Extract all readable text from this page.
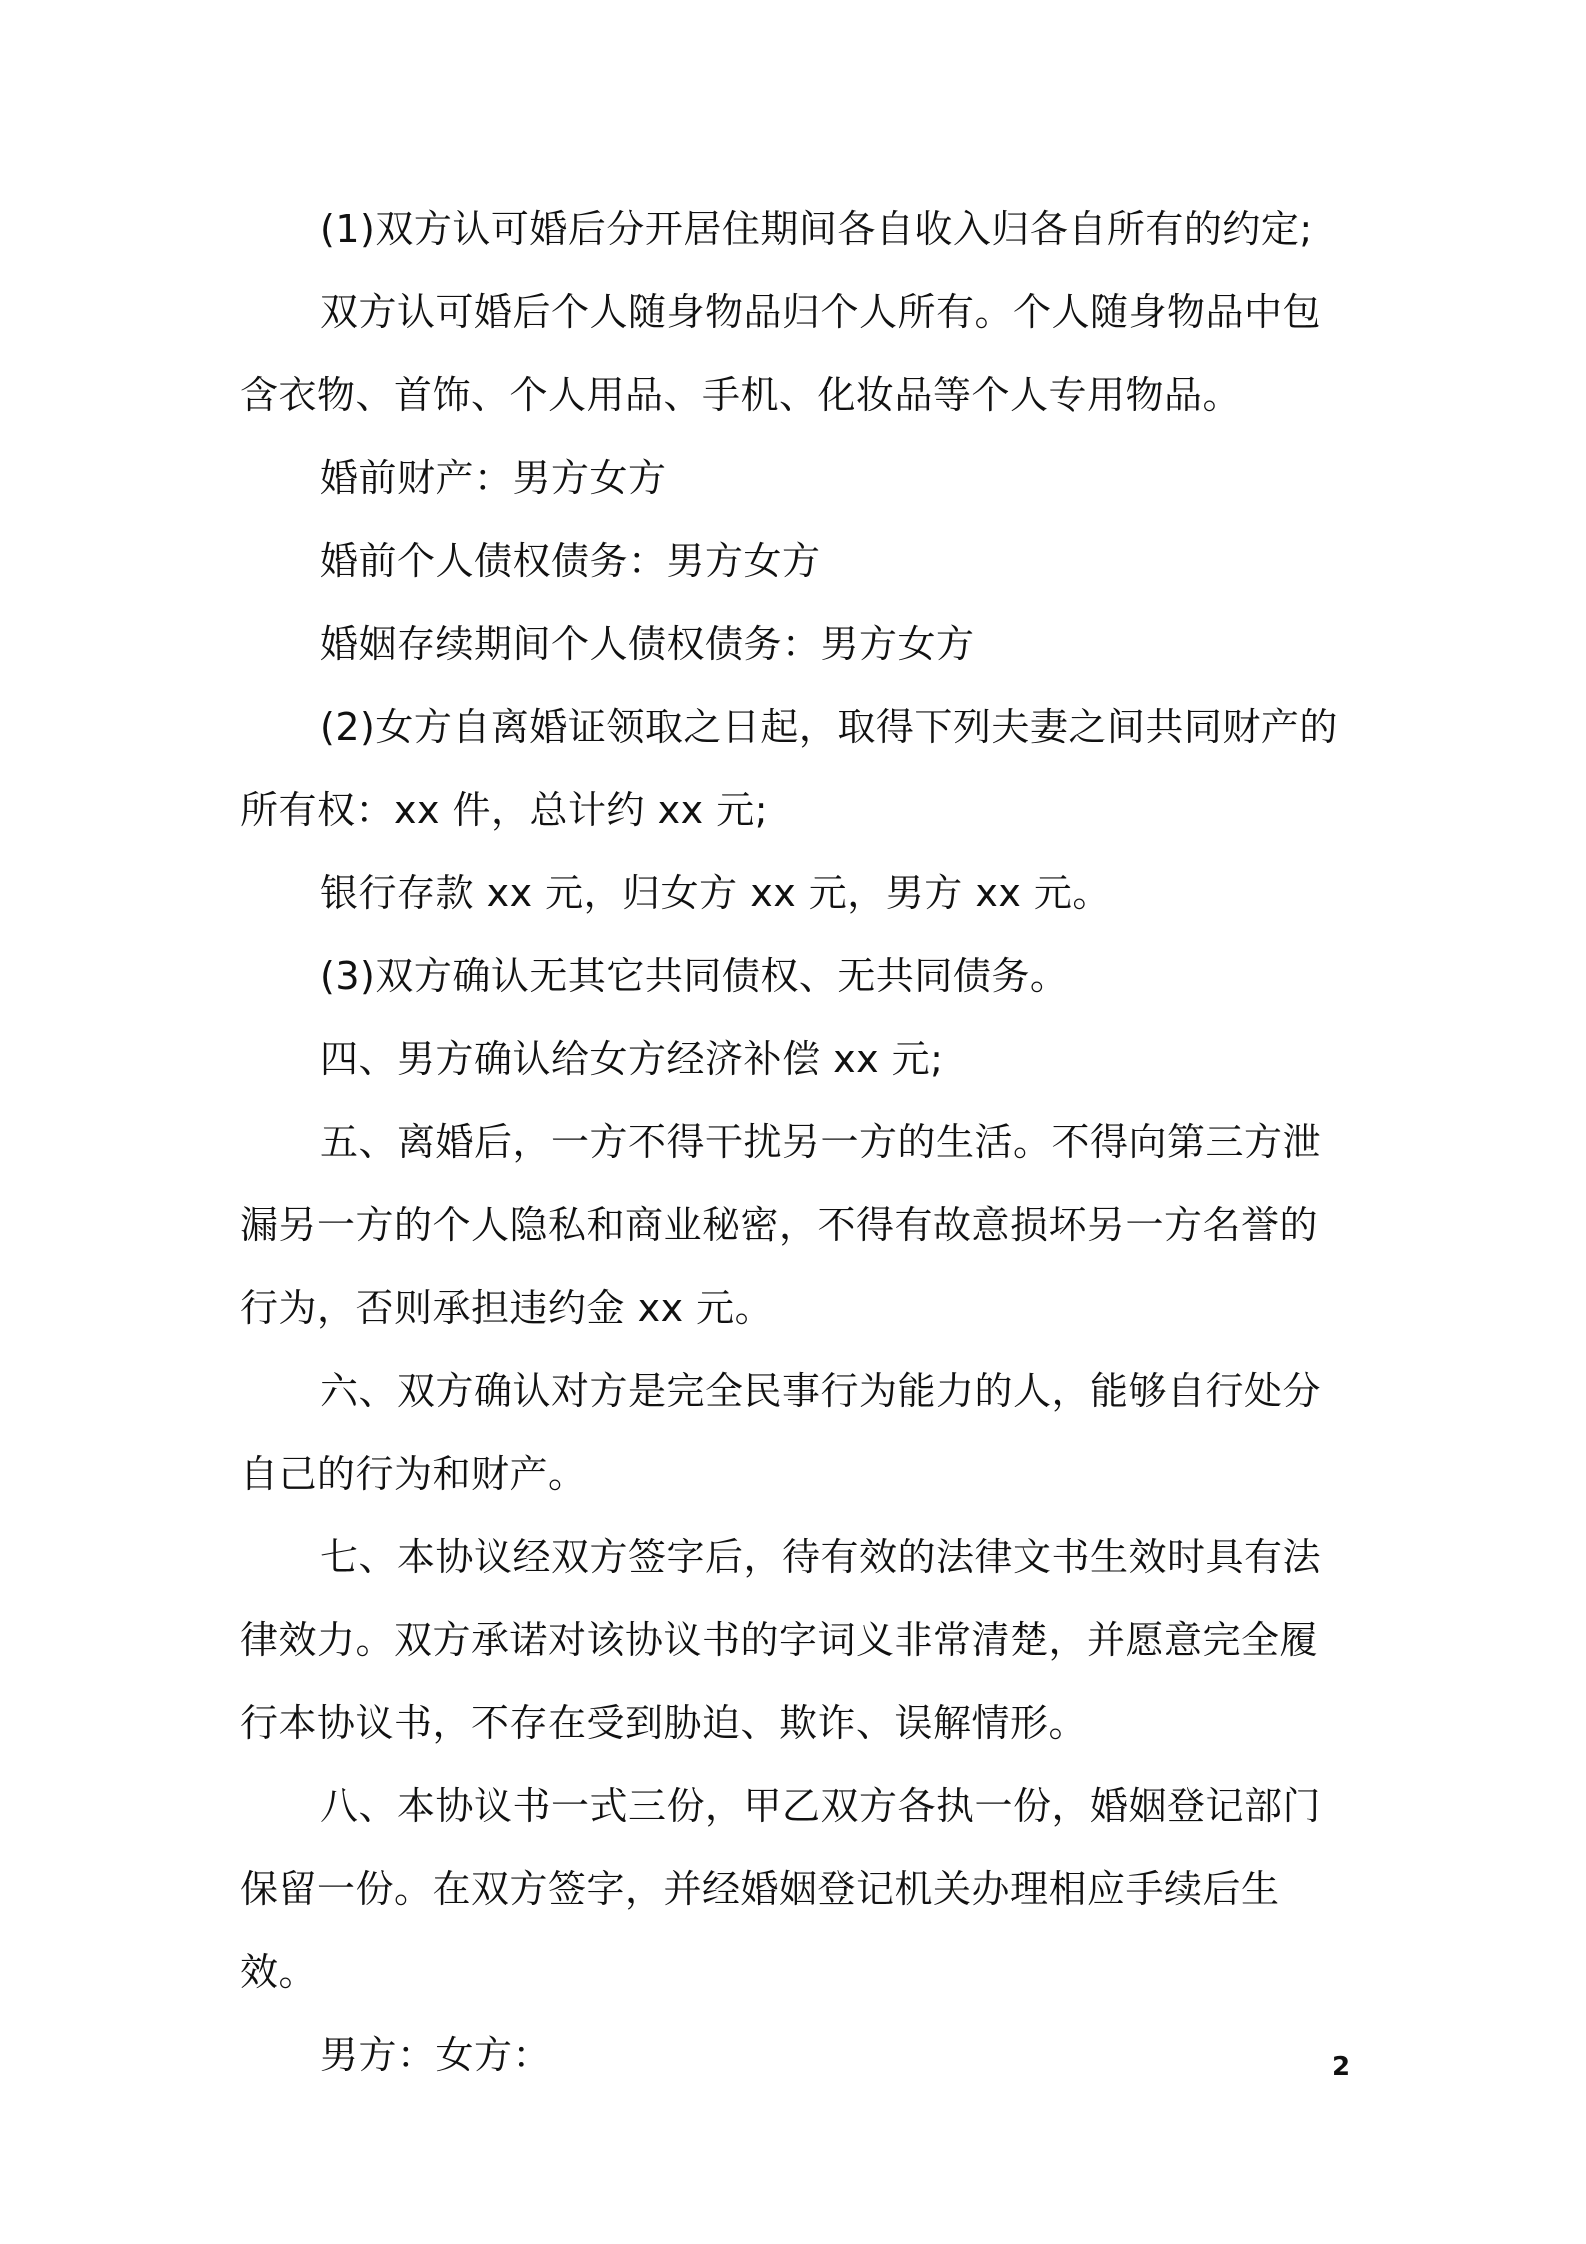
(1)双方认可婚后分开居住期间各自收入归各自所有的约定;

双方认可婚后个人随身物品归个人所有。个人随身物品中包含衣物、首饰、个人用品、手机、化妆品等个人专用物品。

婚前财产：男方女方

婚前个人债权债务：男方女方

婚姻存续期间个人债权债务：男方女方

(2)女方自离婚证领取之日起，取得下列夫妻之间共同财产的所有权：xx 件，总计约 xx 元;

银行存款 xx 元，归女方 xx 元，男方 xx 元。

(3)双方确认无其它共同债权、无共同债务。

四、男方确认给女方经济补偿 xx 元;

五、离婚后，一方不得干扰另一方的生活。不得向第三方泄漏另一方的个人隐私和商业秘密，不得有故意损坏另一方名誉的行为，否则承担违约金 xx 元。

六、双方确认对方是完全民事行为能力的人，能够自行处分自己的行为和财产。

七、本协议经双方签字后，待有效的法律文书生效时具有法律效力。双方承诺对该协议书的字词义非常清楚，并愿意完全履行本协议书，不存在受到胁迫、欺诈、误解情形。

八、本协议书一式三份，甲乙双方各执一份，婚姻登记部门保留一份。在双方签字，并经婚姻登记机关办理相应手续后生效。

男方：女方：	2
